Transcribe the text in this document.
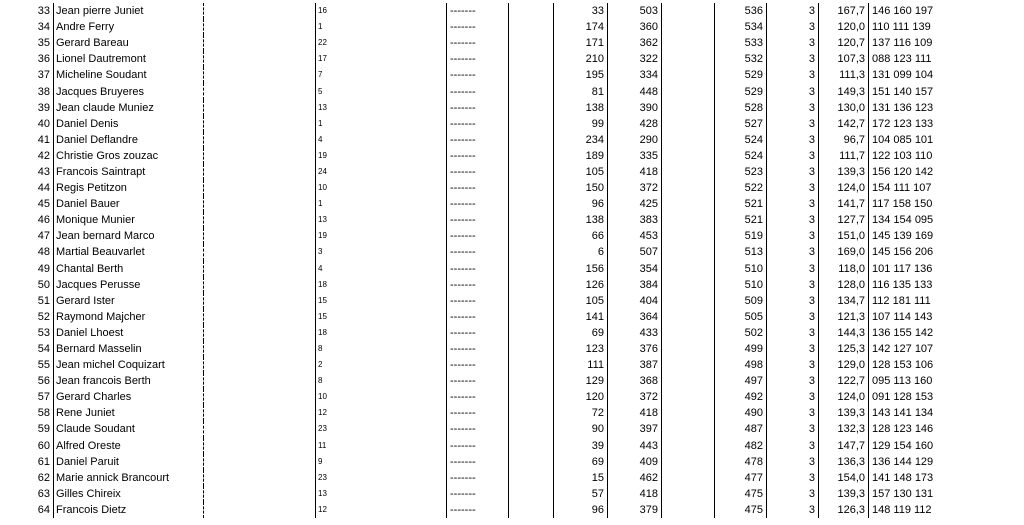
33	Jean pierre Juniet		16	-------		33	503		536	3	167,7	146 160 197
34	Andre Ferry		1	-------		174	360		534	3	120,0	110 111 139
35	Gerard Bareau		22	-------		171	362		533	3	120,7	137 116 109
36	Lionel Dautremont		17	-------		210	322		532	3	107,3	088 123 111
37	Micheline Soudant		7	-------		195	334		529	3	111,3	131 099 104
38	Jacques Bruyeres		5	-------		81	448		529	3	149,3	151 140 157
39	Jean claude Muniez		13	-------		138	390		528	3	130,0	131 136 123
40	Daniel Denis		1	-------		99	428		527	3	142,7	172 123 133
41	Daniel Deflandre		4	-------		234	290		524	3	96,7	104 085 101
42	Christie Gros zouzac		19	-------		189	335		524	3	111,7	122 103 110
43	Francois Saintrapt		24	-------		105	418		523	3	139,3	156 120 142
44	Regis Petitzon		10	-------		150	372		522	3	124,0	154 111 107
45	Daniel Bauer		1	-------		96	425		521	3	141,7	117 158 150
46	Monique Munier		13	-------		138	383		521	3	127,7	134 154 095
47	Jean bernard Marco		19	-------		66	453		519	3	151,0	145 139 169
48	Martial Beauvarlet		3	-------		6	507		513	3	169,0	145 156 206
49	Chantal Berth		4	-------		156	354		510	3	118,0	101 117 136
50	Jacques Perusse		18	-------		126	384		510	3	128,0	116 135 133
51	Gerard Ister		15	-------		105	404		509	3	134,7	112 181 111
52	Raymond Majcher		15	-------		141	364		505	3	121,3	107 114 143
53	Daniel Lhoest		18	-------		69	433		502	3	144,3	136 155 142
54	Bernard Masselin		8	-------		123	376		499	3	125,3	142 127 107
55	Jean michel Coquizart		2	-------		111	387		498	3	129,0	128 153 106
56	Jean francois Berth		8	-------		129	368		497	3	122,7	095 113 160
57	Gerard Charles		10	-------		120	372		492	3	124,0	091 128 153
58	Rene Juniet		12	-------		72	418		490	3	139,3	143 141 134
59	Claude Soudant		23	-------		90	397		487	3	132,3	128 123 146
60	Alfred Oreste		11	-------		39	443		482	3	147,7	129 154 160
61	Daniel Paruit		9	-------		69	409		478	3	136,3	136 144 129
62	Marie annick Brancourt		23	-------		15	462		477	3	154,0	141 148 173
63	Gilles Chireix		13	-------		57	418		475	3	139,3	157 130 131
64	Francois Dietz		12	-------		96	379		475	3	126,3	148 119 112
